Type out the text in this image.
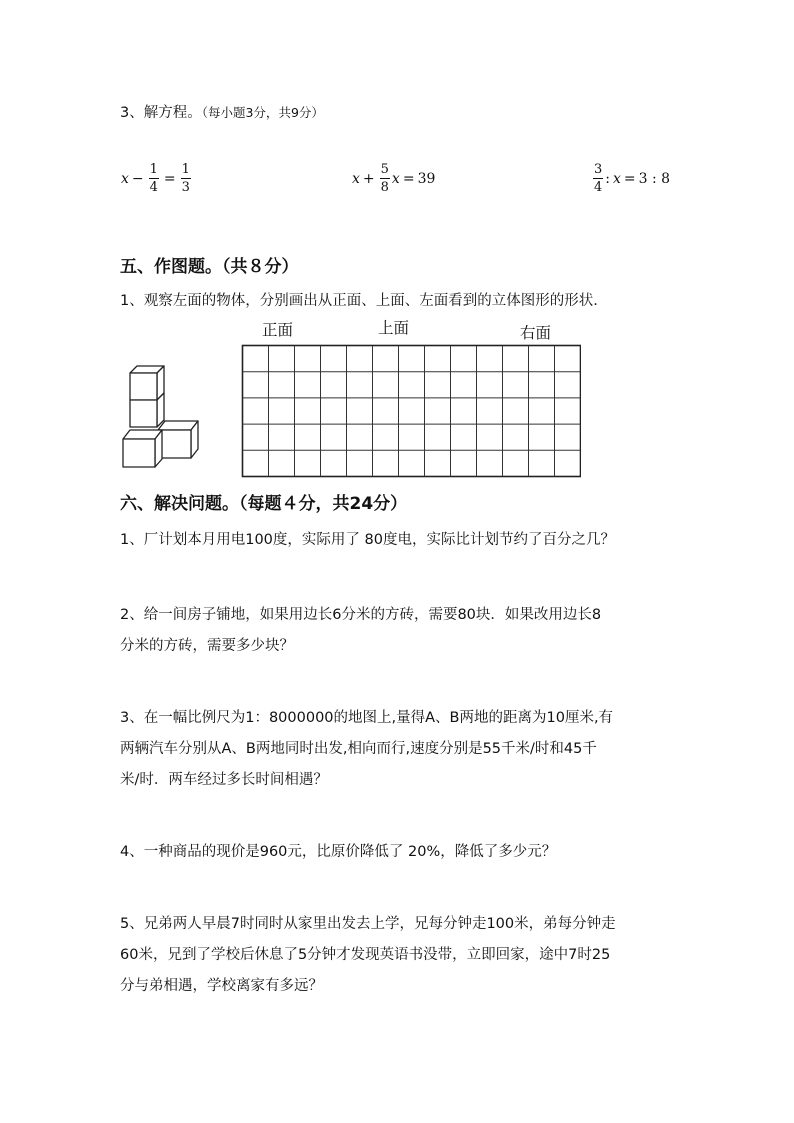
3、解方程。（每小题3分，共9分）
$x - \frac{1}{4} = \frac{1}{3}$	$x + \frac{5}{8}$ x = 39	$\frac{3}{4}$ : x = 3 : 8
五、作图题。（共８分）
1、观察左面的物体，分别画出从正面、上面、左面看到的立体图形的形状.
正面	上面	右面
六、解决问题。（每题４分，共24分）
1、厂计划本月用电100度，实际用了 80度电，实际比计划节约了百分之几？
2、给一间房子铺地，如果用边长6分米的方砖，需要80块．如果改用边长8
分米的方砖，需要多少块？
3、在一幅比例尺为1：8000000的地图上,量得A、B两地的距离为10厘米,有
两辆汽车分别从A、B两地同时出发,相向而行,速度分别是55千米/时和45千
米/时．两车经过多长时间相遇？
4、一种商品的现价是960元，比原价降低了 20%，降低了多少元？
5、兄弟两人早晨7时同时从家里出发去上学，兄每分钟走100米，弟每分钟走
60米，兄到了学校后休息了5分钟才发现英语书没带，立即回家，途中7时25
分与弟相遇，学校离家有多远？
